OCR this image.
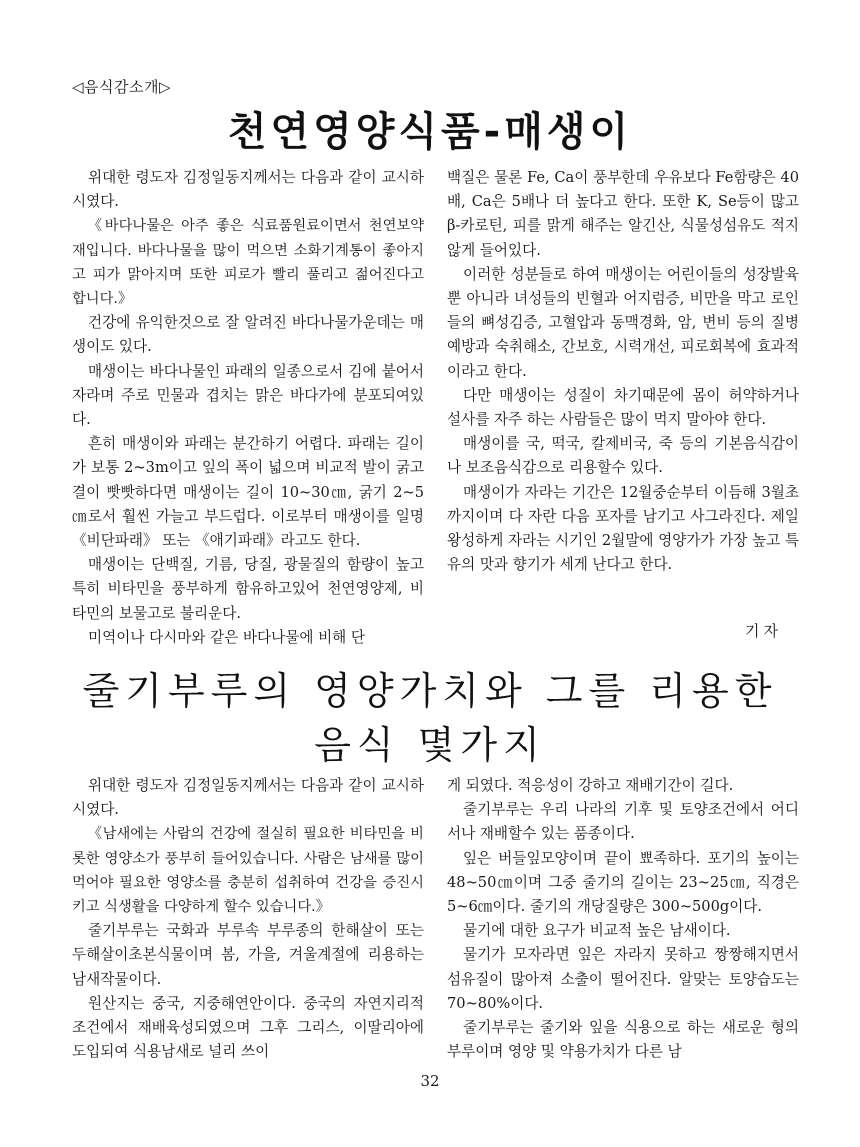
◁음식감소개▷
천연영양식품-매생이

위대한 령도자 김정일동지께서는 다음과 같이 교시하시였다.

《바다나물은 아주 좋은 식료품원료이면서 천연보약재입니다. 바다나물을 많이 먹으면 소화기계통이 좋아지고 피가 맑아지며 또한 피로가 빨리 풀리고 젊어진다고 합니다.》

건강에 유익한것으로 잘 알려진 바다나물가운데는 매생이도 있다.

매생이는 바다나물인 파래의 일종으로서 김에 붙어서 자라며 주로 민물과 겹치는 맑은 바다가에 분포되여있다.

흔히 매생이와 파래는 분간하기 어렵다. 파래는 길이가 보통 2~3m이고 잎의 폭이 넓으며 비교적 발이 굵고 결이 빳빳하다면 매생이는 길이 10~30㎝, 굵기 2~5㎝로서 훨씬 가늘고 부드럽다. 이로부터 매생이를 일명 《비단파래》 또는 《애기파래》라고도 한다.

매생이는 단백질, 기름, 당질, 광물질의 함량이 높고 특히 비타민을 풍부하게 함유하고있어 천연영양제, 비타민의 보물고로 불리운다.

미역이나 다시마와 같은 바다나물에 비해 단

백질은 물론 Fe, Ca이 풍부한데 우유보다 Fe함량은 40배, Ca은 5배나 더 높다고 한다. 또한 K, Se등이 많고 β-카로틴, 피를 맑게 해주는 알긴산, 식물성섬유도 적지 않게 들어있다.

이러한 성분들로 하여 매생이는 어린이들의 성장발육뿐 아니라 녀성들의 빈혈과 어지럼증, 비만을 막고 로인들의 뼈성김증, 고혈압과 동맥경화, 암, 변비 등의 질병예방과 숙취해소, 간보호, 시력개선, 피로회복에 효과적이라고 한다.

다만 매생이는 성질이 차기때문에 몸이 허약하거나 설사를 자주 하는 사람들은 많이 먹지 말아야 한다.

매생이를 국, 떡국, 칼제비국, 죽 등의 기본음식감이나 보조음식감으로 리용할수 있다.

매생이가 자라는 기간은 12월중순부터 이듬해 3월초까지이며 다 자란 다음 포자를 남기고 사그라진다. 제일 왕성하게 자라는 시기인 2월말에 영양가가 가장 높고 특유의 맛과 향기가 세게 난다고 한다.

기자
줄기부루의 영양가치와 그를 리용한
음식 몇가지

위대한 령도자 김정일동지께서는 다음과 같이 교시하시였다.

《남새에는 사람의 건강에 절실히 필요한 비타민을 비롯한 영양소가 풍부히 들어있습니다. 사람은 남새를 많이 먹어야 필요한 영양소를 충분히 섭취하여 건강을 증진시키고 식생활을 다양하게 할수 있습니다.》

줄기부루는 국화과 부루속 부루종의 한해살이 또는 두해살이초본식물이며 봄, 가을, 겨울계절에 리용하는 남새작물이다.

원산지는 중국, 지중해연안이다. 중국의 자연지리적조건에서 재배육성되였으며 그후 그리스, 이딸리아에 도입되여 식용남새로 널리 쓰이

게 되였다. 적응성이 강하고 재배기간이 길다.

줄기부루는 우리 나라의 기후 및 토양조건에서 어디서나 재배할수 있는 품종이다.

잎은 버들잎모양이며 끝이 뾰족하다. 포기의 높이는 48~50㎝이며 그중 줄기의 길이는 23~25㎝, 직경은 5~6㎝이다. 줄기의 개당질량은 300~500g이다.

물기에 대한 요구가 비교적 높은 남새이다.

물기가 모자라면 잎은 자라지 못하고 짱짱해지면서 섬유질이 많아져 소출이 떨어진다. 알맞는 토양습도는 70~80%이다.

줄기부루는 줄기와 잎을 식용으로 하는 새로운 형의 부루이며 영양 및 약용가치가 다른 남

32
